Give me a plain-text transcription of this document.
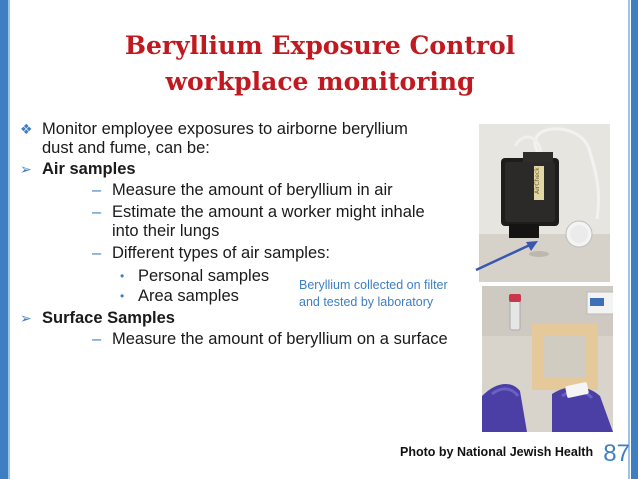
Beryllium Exposure Control
workplace monitoring
❖ Monitor employee exposures to airborne beryllium
dust and fume, can be:
➢ Air samples
– Measure the amount of beryllium in air
– Estimate the amount a worker might inhale
into their lungs
– Different types of air samples:
• Personal samples
• Area samples
➢ Surface Samples
– Measure the amount of beryllium on a surface
Beryllium collected on filter
and tested by laboratory
AirCheck
Photo by National Jewish Health 87
